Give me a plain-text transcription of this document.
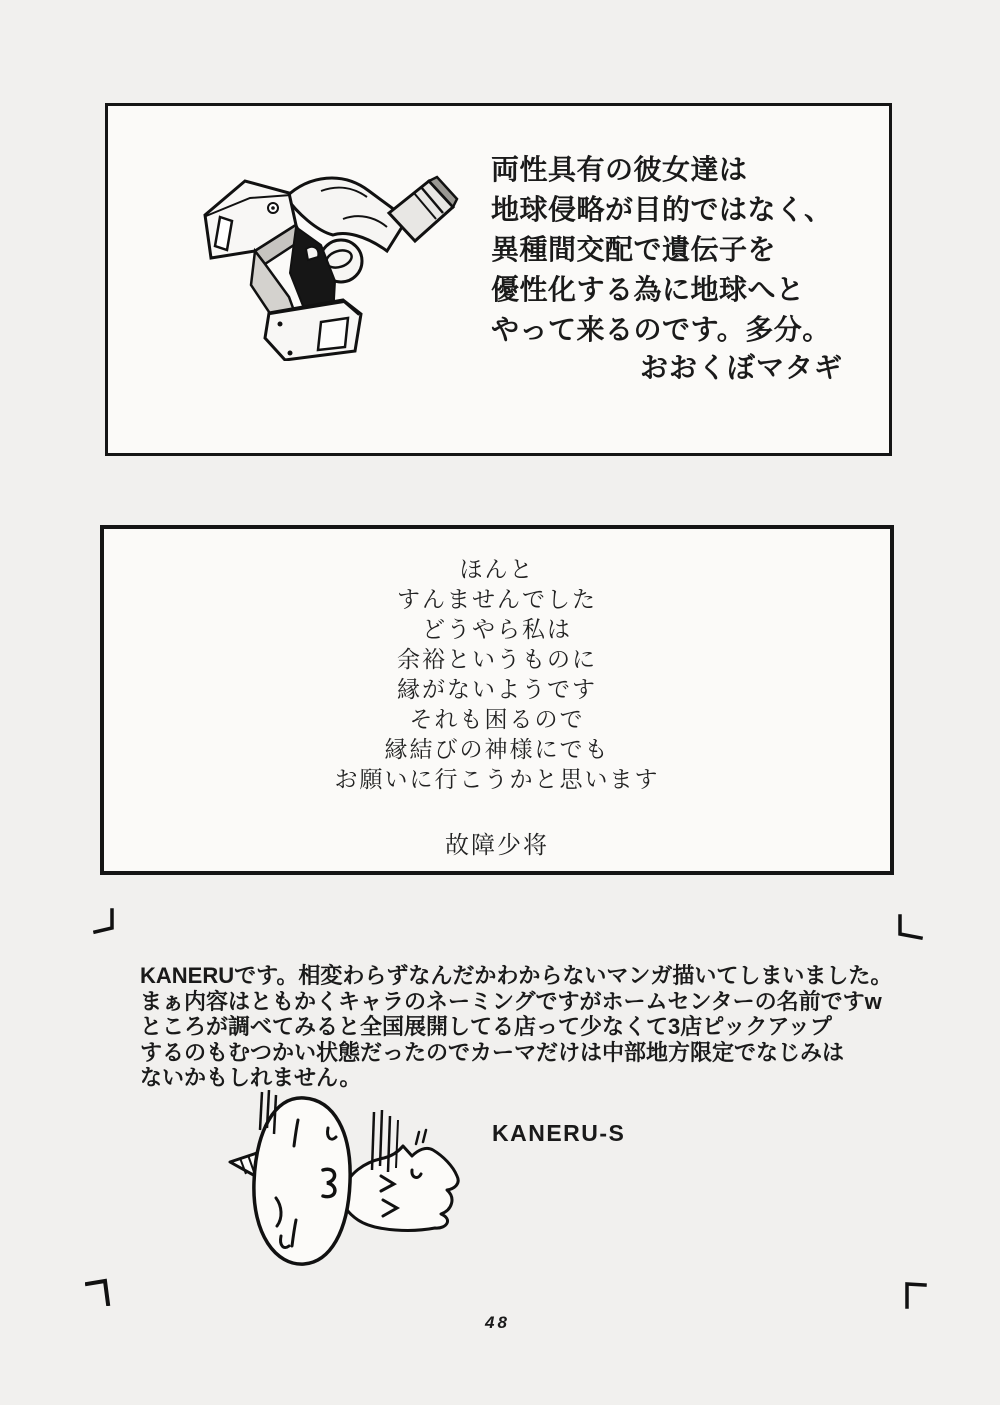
両性具有の彼女達は
地球侵略が目的ではなく、
異種間交配で遺伝子を
優性化する為に地球へと
やって来るのです。多分。
おおくぼマタギ
ほんと
すんませんでした
どうやら私は
余裕というものに
縁がないようです
それも困るので
縁結びの神様にでも
お願いに行こうかと思います
故障少将
KANERUです。相変わらずなんだかわからないマンガ描いてしまいました。
まぁ内容はともかくキャラのネーミングですがホームセンターの名前ですw
ところが調べてみると全国展開してる店って少なくて3店ピックアップ
するのもむつかい状態だったのでカーマだけは中部地方限定でなじみは
ないかもしれません。
KANERU-S
48
